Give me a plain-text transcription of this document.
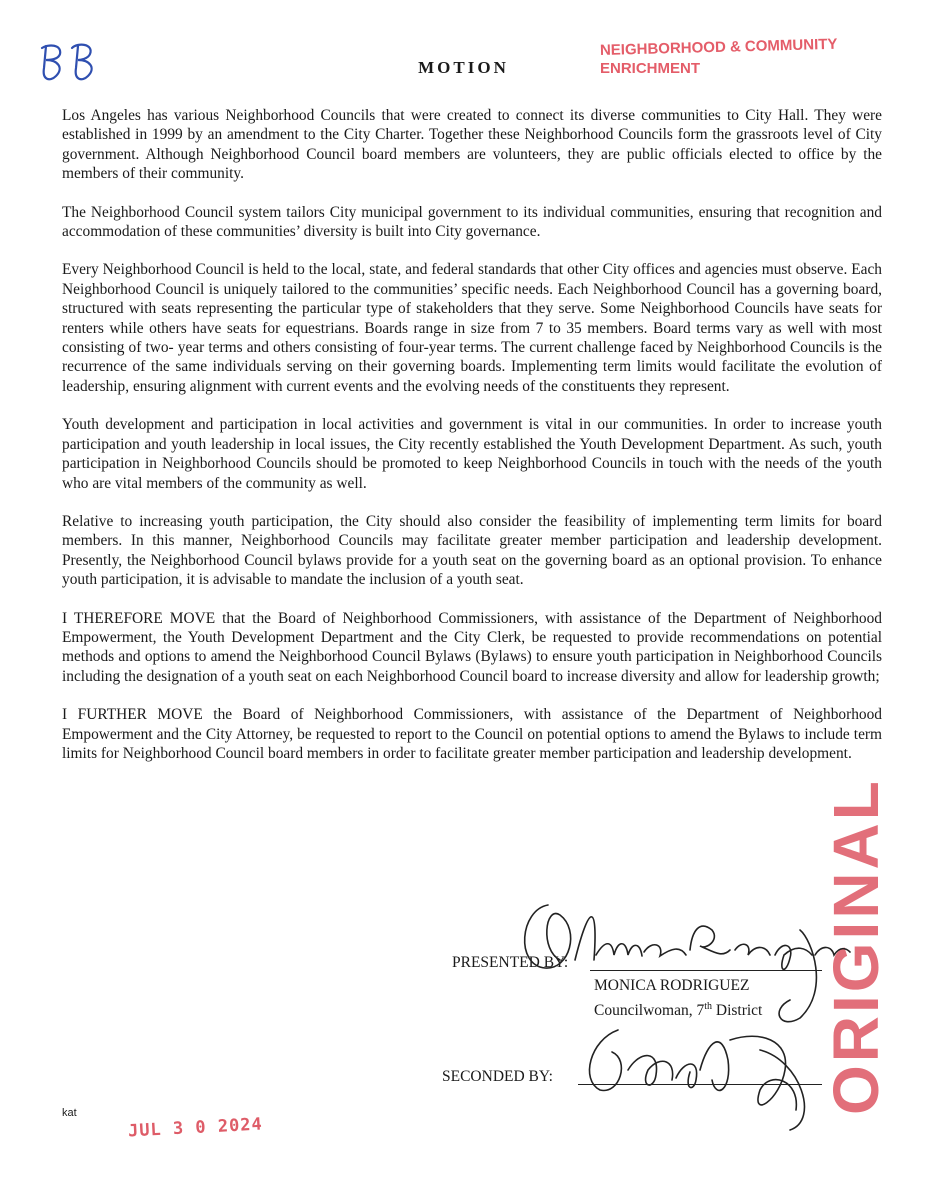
MOTION
NEIGHBORHOOD & COMMUNITY
ENRICHMENT

Los Angeles has various Neighborhood Councils that were created to connect its diverse communities to City Hall. They were established in 1999 by an amendment to the City Charter. Together these Neighborhood Councils form the grassroots level of City government. Although Neighborhood Council board members are volunteers, they are public officials elected to office by the members of their community.

The Neighborhood Council system tailors City municipal government to its individual communities, ensuring that recognition and accommodation of these communities’ diversity is built into City governance.

Every Neighborhood Council is held to the local, state, and federal standards that other City offices and agencies must observe. Each Neighborhood Council is uniquely tailored to the communities’ specific needs. Each Neighborhood Council has a governing board, structured with seats representing the particular type of stakeholders that they serve. Some Neighborhood Councils have seats for renters while others have seats for equestrians. Boards range in size from 7 to 35 members. Board terms vary as well with most consisting of two- year terms and others consisting of four-year terms. The current challenge faced by Neighborhood Councils is the recurrence of the same individuals serving on their governing boards. Implementing term limits would facilitate the evolution of leadership, ensuring alignment with current events and the evolving needs of the constituents they represent.

Youth development and participation in local activities and government is vital in our communities. In order to increase youth participation and youth leadership in local issues, the City recently established the Youth Development Department. As such, youth participation in Neighborhood Councils should be promoted to keep Neighborhood Councils in touch with the needs of the youth who are vital members of the community as well.

Relative to increasing youth participation, the City should also consider the feasibility of implementing term limits for board members. In this manner, Neighborhood Councils may facilitate greater member participation and leadership development. Presently, the Neighborhood Council bylaws provide for a youth seat on the governing board as an optional provision. To enhance youth participation, it is advisable to mandate the inclusion of a youth seat.

I THEREFORE MOVE that the Board of Neighborhood Commissioners, with assistance of the Department of Neighborhood Empowerment, the Youth Development Department and the City Clerk, be requested to provide recommendations on potential methods and options to amend the Neighborhood Council Bylaws (Bylaws) to ensure youth participation in Neighborhood Councils including the designation of a youth seat on each Neighborhood Council board to increase diversity and allow for leadership growth;

I FURTHER MOVE the Board of Neighborhood Commissioners, with assistance of the Department of Neighborhood Empowerment and the City Attorney, be requested to report to the Council on potential options to amend the Bylaws to include term limits for Neighborhood Council board members in order to facilitate greater member participation and leadership development.

ORIGINAL
PRESENTED BY:
MONICA RODRIGUEZ
Councilwoman, 7th District
SECONDED BY:
kat
JUL 3 0 2024
